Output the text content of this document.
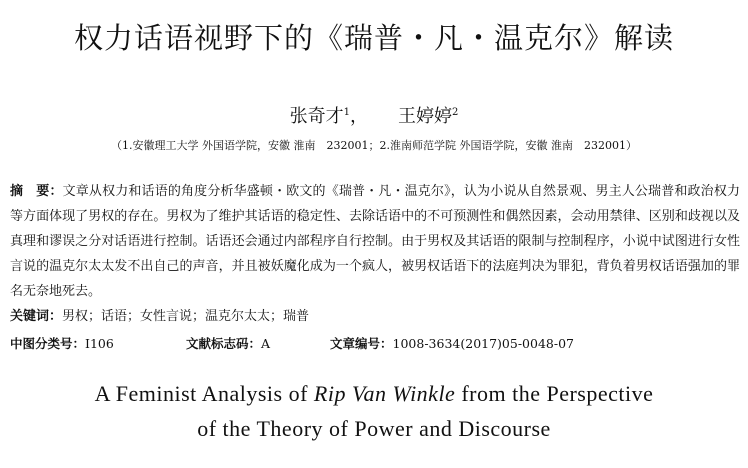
权力话语视野下的《瑞普・凡・温克尔》解读
张奇才$^1$， 王婷婷$^2$
（1.安徽理工大学 外国语学院，安徽 淮南　232001；2.淮南师范学院 外国语学院，安徽 淮南　232001）
摘　要：文章从权力和话语的角度分析华盛顿・欧文的《瑞普・凡・温克尔》，认为小说从自然景观、男主人公瑞普和政治权力等方面体现了男权的存在。男权为了维护其话语的稳定性、去除话语中的不可预测性和偶然因素，会动用禁律、区别和歧视以及真理和谬误之分对话语进行控制。话语还会通过内部程序自行控制。由于男权及其话语的限制与控制程序，小说中试图进行女性言说的温克尔太太发不出自己的声音，并且被妖魔化成为一个疯人，被男权话语下的法庭判决为罪犯，背负着男权话语强加的罪名无奈地死去。
关键词：男权；话语；女性言说；温克尔太太；瑞普
中图分类号：I106	文献标志码：A	文章编号：1008-3634(2017)05-0048-07
A Feminist Analysis of Rip Van Winkle from the Perspective
of the Theory of Power and Discourse
